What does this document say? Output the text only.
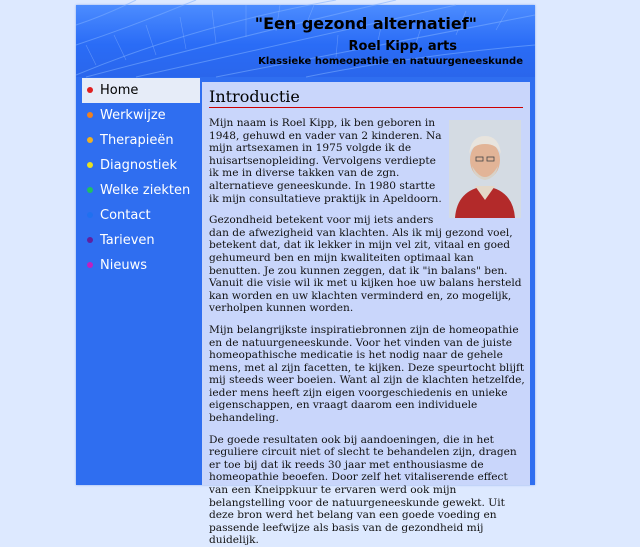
"Een gezond alternatief"
Roel Kipp, arts
Klassieke homeopathie en natuurgeneeskunde
Home
Werkwijze
Therapieën
Diagnostiek
Welke ziekten
Contact
Tarieven
Nieuws
Introductie

Mijn naam is Roel Kipp, ik ben geboren in 1948, gehuwd en vader van 2 kinderen. Na mijn artsexamen in 1975 volgde ik de huisartsenopleiding. Vervolgens verdiepte ik me in diverse takken van de zgn. alternatieve geneeskunde. In 1980 startte ik mijn consultatieve praktijk in Apeldoorn.

Gezondheid betekent voor mij iets anders dan de afwezigheid van klachten. Als ik mij gezond voel, betekent dat, dat ik lekker in mijn vel zit, vitaal en goed gehumeurd ben en mijn kwaliteiten optimaal kan benutten. Je zou kunnen zeggen, dat ik "in balans" ben. Vanuit die visie wil ik met u kijken hoe uw balans hersteld kan worden en uw klachten verminderd en, zo mogelijk, verholpen kunnen worden.

Mijn belangrijkste inspiratiebronnen zijn de homeopathie en de natuurgeneeskunde. Voor het vinden van de juiste homeopathische medicatie is het nodig naar de gehele mens, met al zijn facetten, te kijken. Deze speurtocht blijft mij steeds weer boeien. Want al zijn de klachten hetzelfde, ieder mens heeft zijn eigen voorgeschiedenis en unieke eigenschappen, en vraagt daarom een individuele behandeling.

De goede resultaten ook bij aandoeningen, die in het reguliere circuit niet of slecht te behandelen zijn, dragen er toe bij dat ik reeds 30 jaar met enthousiasme de homeopathie beoefen. Door zelf het vitaliserende effect van een Kneippkuur te ervaren werd ook mijn belangstelling voor de natuurgeneeskunde gewekt. Uit deze bron werd het belang van een goede voeding en passende leefwijze als basis van de gezondheid mij duidelijk.
